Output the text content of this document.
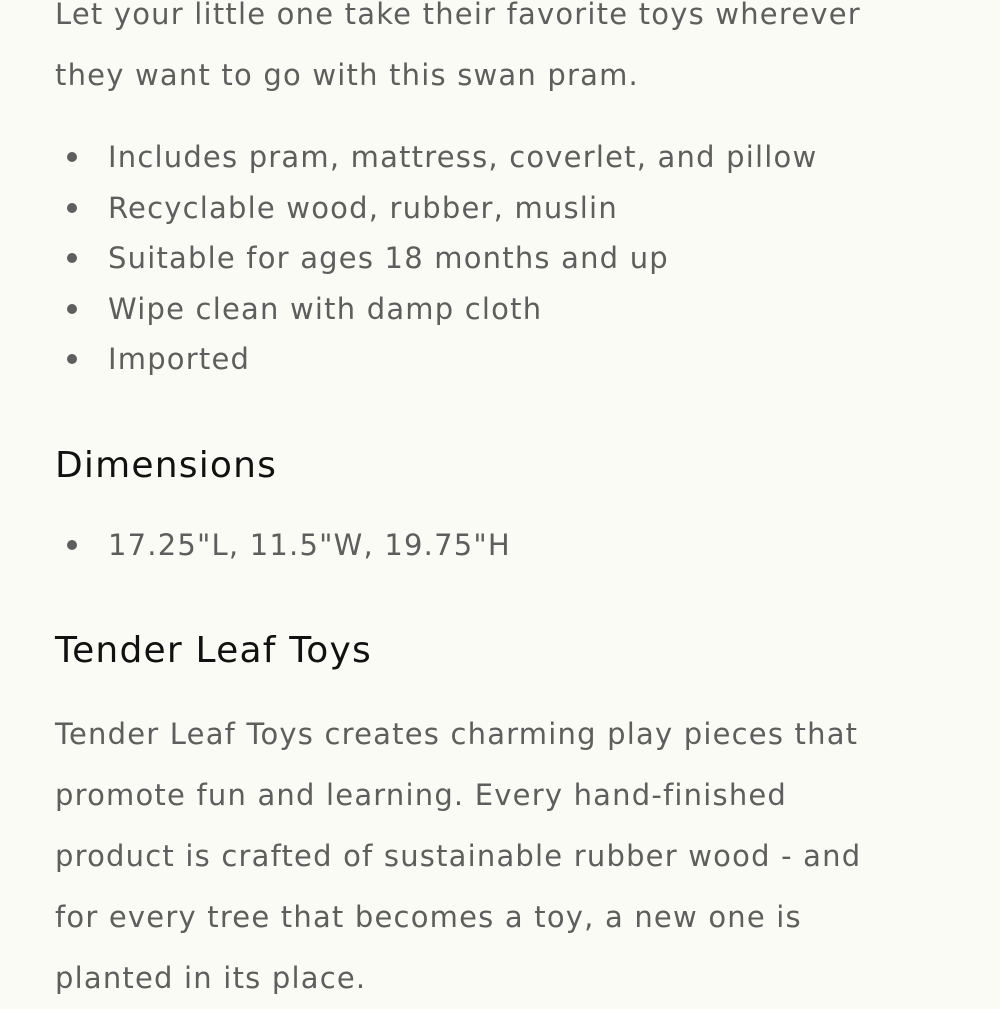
Let your little one take their favorite toys wherever
they want to go with this swan pram.

Includes pram, mattress, coverlet, and pillow
Recyclable wood, rubber, muslin
Suitable for ages 18 months and up
Wipe clean with damp cloth
Imported
Dimensions
17.25"L, 11.5"W, 19.75"H
Tender Leaf Toys

Tender Leaf Toys creates charming play pieces that
promote fun and learning. Every hand-finished
product is crafted of sustainable rubber wood - and
for every tree that becomes a toy, a new one is
planted in its place.
